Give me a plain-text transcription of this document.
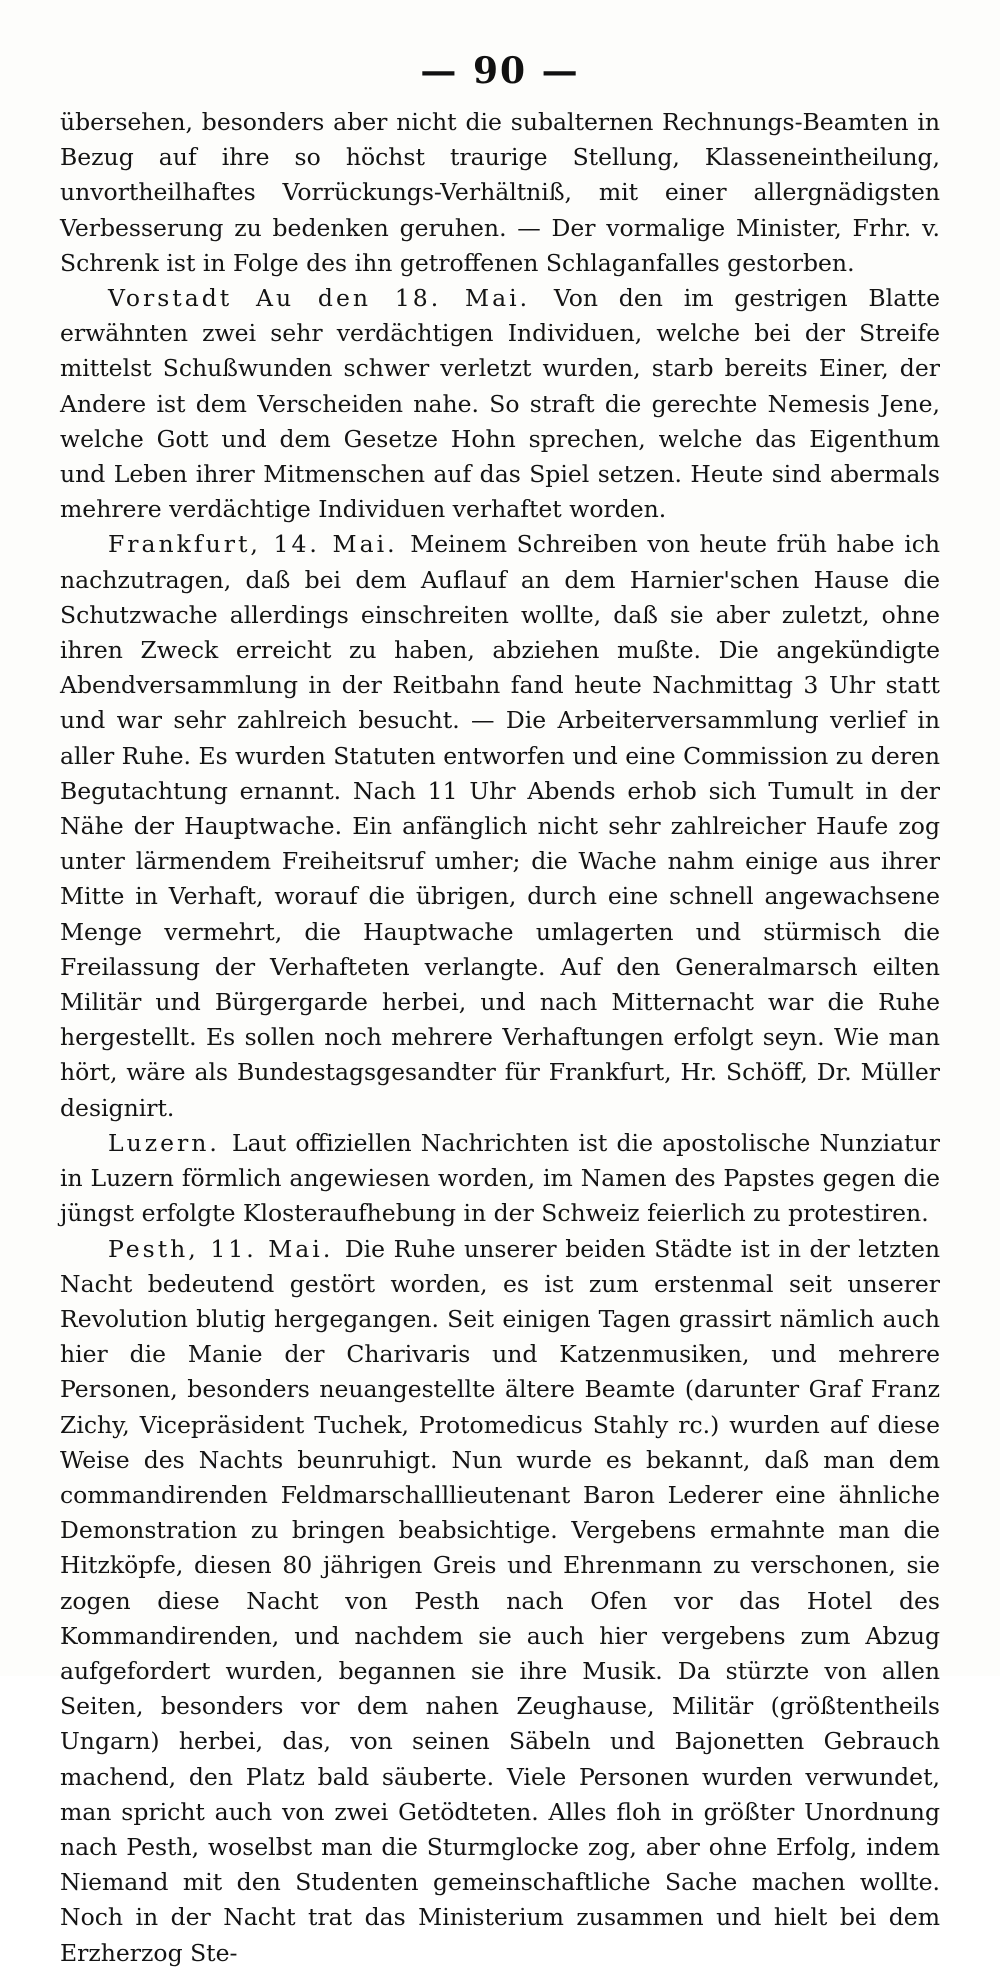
— 90 —

übersehen, besonders aber nicht die subalternen Rechnungs-Beamten in Bezug auf ihre so höchst traurige Stellung, Klasseneintheilung, unvortheilhaftes Vorrückungs-Verhältniß, mit einer allergnädigsten Verbesserung zu bedenken geruhen. — Der vormalige Minister, Frhr. v. Schrenk ist in Folge des ihn getroffenen Schlaganfalles gestorben.

Vorstadt Au den 18. Mai. Von den im gestrigen Blatte erwähnten zwei sehr verdächtigen Individuen, welche bei der Streife mittelst Schußwunden schwer verletzt wurden, starb bereits Einer, der Andere ist dem Verscheiden nahe. So straft die gerechte Nemesis Jene, welche Gott und dem Gesetze Hohn sprechen, welche das Eigenthum und Leben ihrer Mitmenschen auf das Spiel setzen. Heute sind abermals mehrere verdächtige Individuen verhaftet worden.

Frankfurt, 14. Mai. Meinem Schreiben von heute früh habe ich nachzutragen, daß bei dem Auflauf an dem Harnier'schen Hause die Schutzwache allerdings einschreiten wollte, daß sie aber zuletzt, ohne ihren Zweck erreicht zu haben, abziehen mußte. Die angekündigte Abendversammlung in der Reitbahn fand heute Nachmittag 3 Uhr statt und war sehr zahlreich besucht. — Die Arbeiterversammlung verlief in aller Ruhe. Es wurden Statuten entworfen und eine Commission zu deren Begutachtung ernannt. Nach 11 Uhr Abends erhob sich Tumult in der Nähe der Hauptwache. Ein anfänglich nicht sehr zahlreicher Haufe zog unter lärmendem Freiheitsruf umher; die Wache nahm einige aus ihrer Mitte in Verhaft, worauf die übrigen, durch eine schnell angewachsene Menge vermehrt, die Hauptwache umlagerten und stürmisch die Freilassung der Verhafteten verlangte. Auf den Generalmarsch eilten Militär und Bürgergarde herbei, und nach Mitternacht war die Ruhe hergestellt. Es sollen noch mehrere Verhaftungen erfolgt seyn. Wie man hört, wäre als Bundestagsgesandter für Frankfurt, Hr. Schöff, Dr. Müller designirt.

Luzern. Laut offiziellen Nachrichten ist die apostolische Nunziatur in Luzern förmlich angewiesen worden, im Namen des Papstes gegen die jüngst erfolgte Klosteraufhebung in der Schweiz feierlich zu protestiren.

Pesth, 11. Mai. Die Ruhe unserer beiden Städte ist in der letzten Nacht bedeutend gestört worden, es ist zum erstenmal seit unserer Revolution blutig hergegangen. Seit einigen Tagen grassirt nämlich auch hier die Manie der Charivaris und Katzenmusiken, und mehrere Personen, besonders neuangestellte ältere Beamte (darunter Graf Franz Zichy, Vicepräsident Tuchek, Protomedicus Stahly rc.) wurden auf diese Weise des Nachts beunruhigt. Nun wurde es bekannt, daß man dem commandirenden Feldmarschalllieutenant Baron Lederer eine ähnliche Demonstration zu bringen beabsichtige. Vergebens ermahnte man die Hitzköpfe, diesen 80 jährigen Greis und Ehrenmann zu verschonen, sie zogen diese Nacht von Pesth nach Ofen vor das Hotel des Kommandirenden, und nachdem sie auch hier vergebens zum Abzug aufgefordert wurden, begannen sie ihre Musik. Da stürzte von allen Seiten, besonders vor dem nahen Zeughause, Militär (größtentheils Ungarn) herbei, das, von seinen Säbeln und Bajonetten Gebrauch machend, den Platz bald säuberte. Viele Personen wurden verwundet, man spricht auch von zwei Getödteten. Alles floh in größter Unordnung nach Pesth, woselbst man die Sturmglocke zog, aber ohne Erfolg, indem Niemand mit den Studenten gemeinschaftliche Sache machen wollte. Noch in der Nacht trat das Ministerium zusammen und hielt bei dem Erzherzog Ste-
